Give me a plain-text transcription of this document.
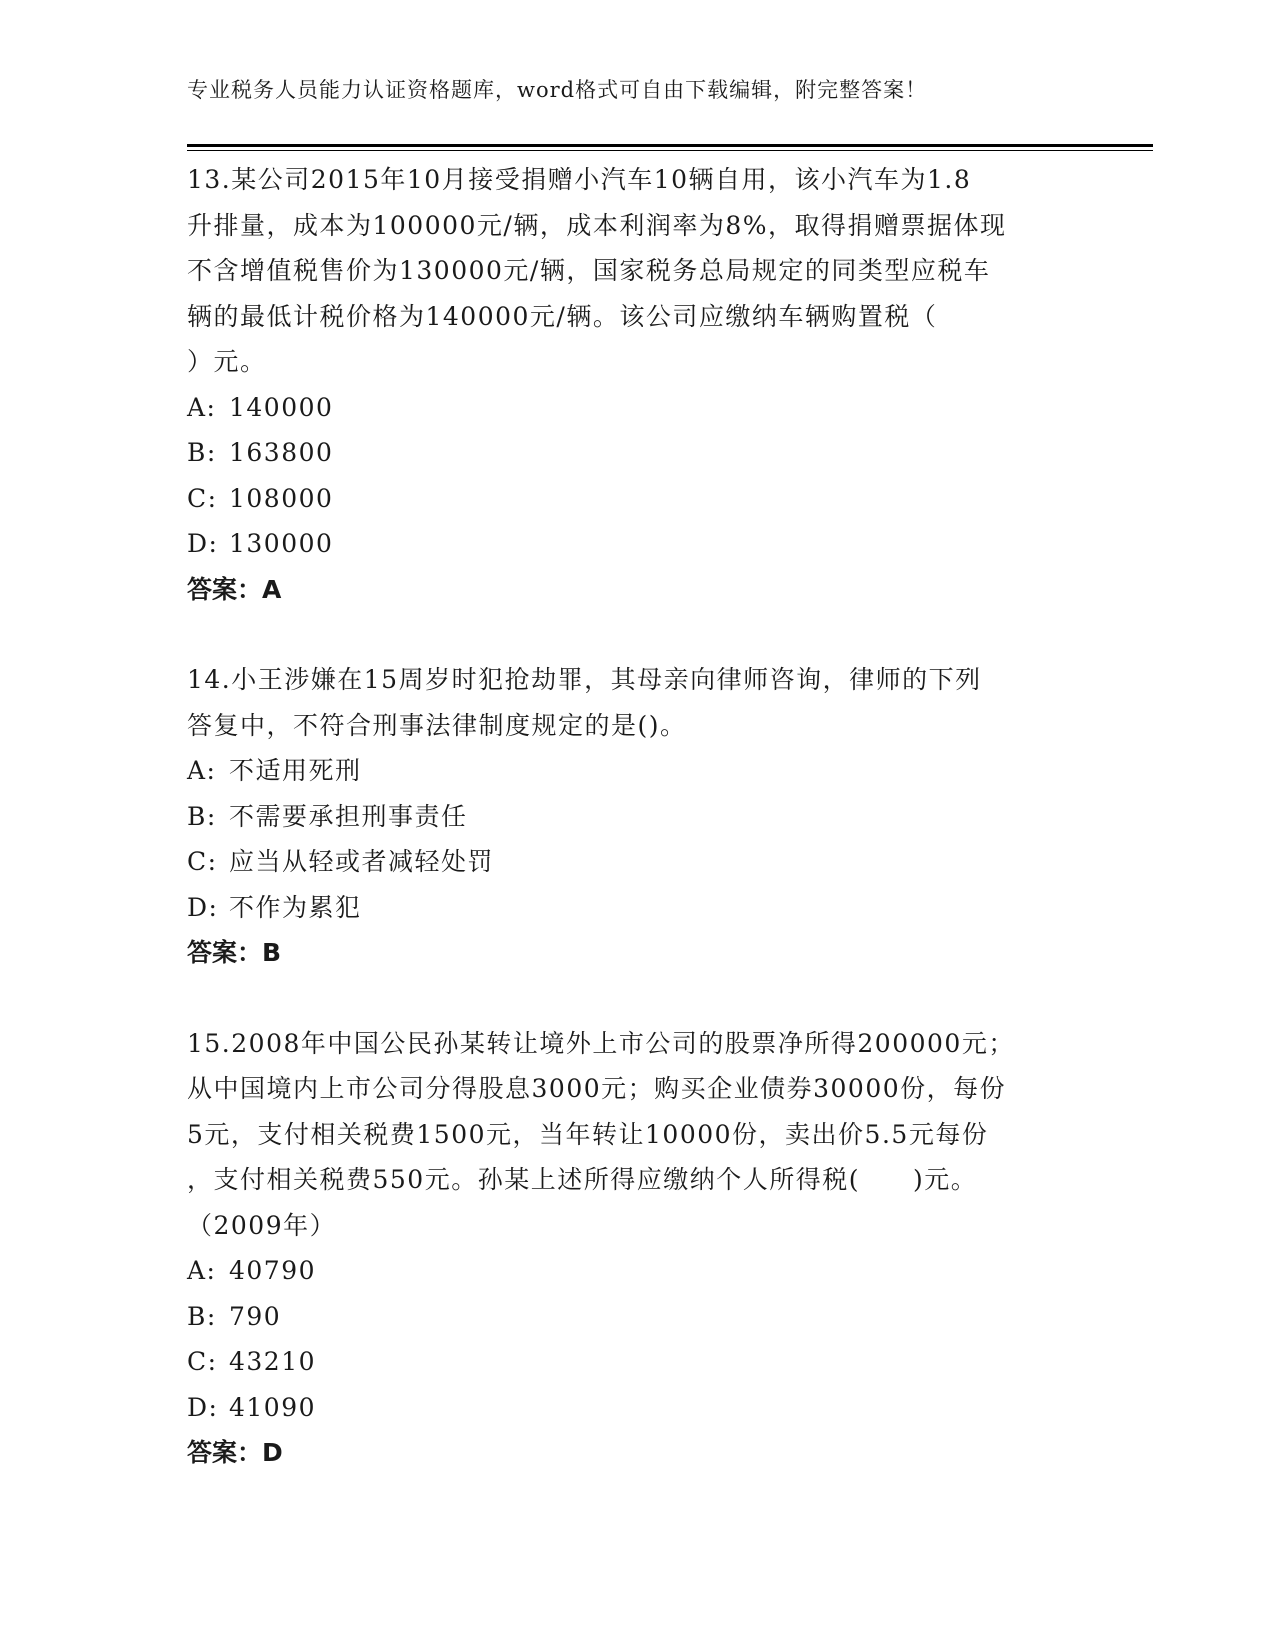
专业税务人员能力认证资格题库，word格式可自由下载编辑，附完整答案！
13.某公司2015年10月接受捐赠小汽车10辆自用，该小汽车为1.8
升排量，成本为100000元/辆，成本利润率为8%，取得捐赠票据体现
不含增值税售价为130000元/辆，国家税务总局规定的同类型应税车
辆的最低计税价格为140000元/辆。该公司应缴纳车辆购置税（
）元。
A: 140000
B: 163800
C: 108000
D: 130000
答案：A
14.小王涉嫌在15周岁时犯抢劫罪，其母亲向律师咨询，律师的下列
答复中，不符合刑事法律制度规定的是()。
A: 不适用死刑
B: 不需要承担刑事责任
C: 应当从轻或者减轻处罚
D: 不作为累犯
答案：B
15.2008年中国公民孙某转让境外上市公司的股票净所得200000元；
从中国境内上市公司分得股息3000元；购买企业债券30000份，每份
5元，支付相关税费1500元，当年转让10000份，卖出价5.5元每份
，支付相关税费550元。孙某上述所得应缴纳个人所得税(　　)元。
（2009年）
A: 40790
B: 790
C: 43210
D: 41090
答案：D
